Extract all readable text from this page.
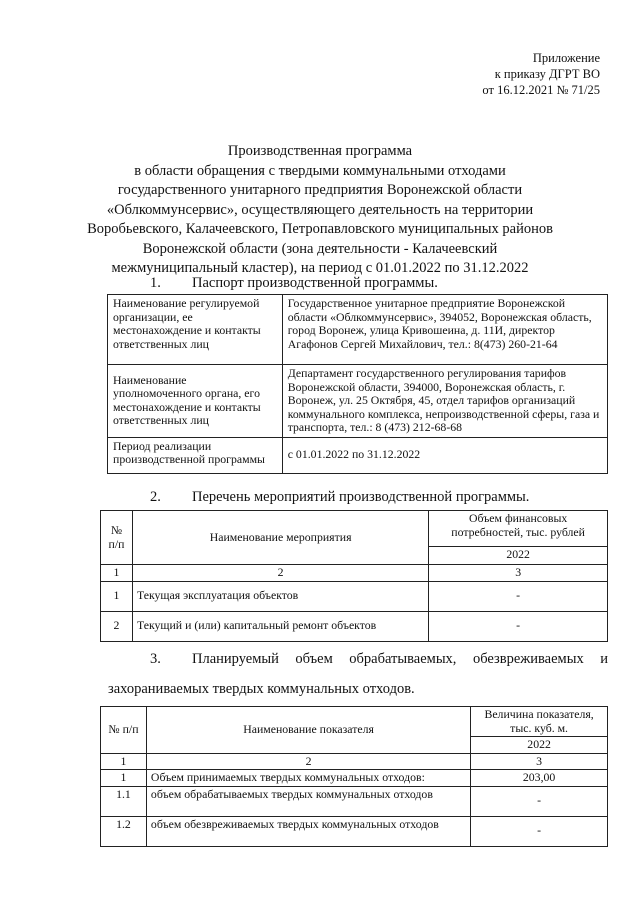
Приложение
к приказу ДГРТ ВО
от 16.12.2021 № 71/25
Производственная программа
в области обращения с твердыми коммунальными отходами
государственного унитарного предприятия Воронежской области
«Облкоммунсервис», осуществляющего деятельность на территории
Воробьевского, Калачеевского, Петропавловского муниципальных районов
Воронежской области (зона деятельности - Калачеевский
межмуниципальный кластер), на период с 01.01.2022 по 31.12.2022
1. Паспорт производственной программы.
Наименование регулируемой организации, ее местонахождение и контакты ответственных лиц	Государственное унитарное предприятие Воронежской области «Облкоммунсервис», 394052, Воронежская область, город Воронеж, улица Кривошеина, д. 11И, директор Агафонов Сергей Михайлович, тел.: 8(473) 260-21-64
Наименование уполномоченного органа, его местонахождение и контакты ответственных лиц	Департамент государственного регулирования тарифов Воронежской области, 394000, Воронежская область, г. Воронеж, ул. 25 Октября, 45, отдел тарифов организаций коммунального комплекса, непроизводственной сферы, газа и транспорта, тел.: 8 (473) 212-68-68
Период реализации производственной программы	с 01.01.2022 по 31.12.2022
2. Перечень мероприятий производственной программы.
№ п/п	Наименование мероприятия	Объем финансовых потребностей, тыс. рублей
		2022
1	2	3
1	Текущая эксплуатация объектов	-
2	Текущий и (или) капитальный ремонт объектов	-
3. Планируемый объем обрабатываемых, обезвреживаемых и
захораниваемых твердых коммунальных отходов.
№ п/п	Наименование показателя	Величина показателя, тыс. куб. м.
		2022
1	2	3
1	Объем принимаемых твердых коммунальных отходов:	203,00
1.1	объем обрабатываемых твердых коммунальных отходов	-
1.2	объем обезвреживаемых твердых коммунальных отходов	-
